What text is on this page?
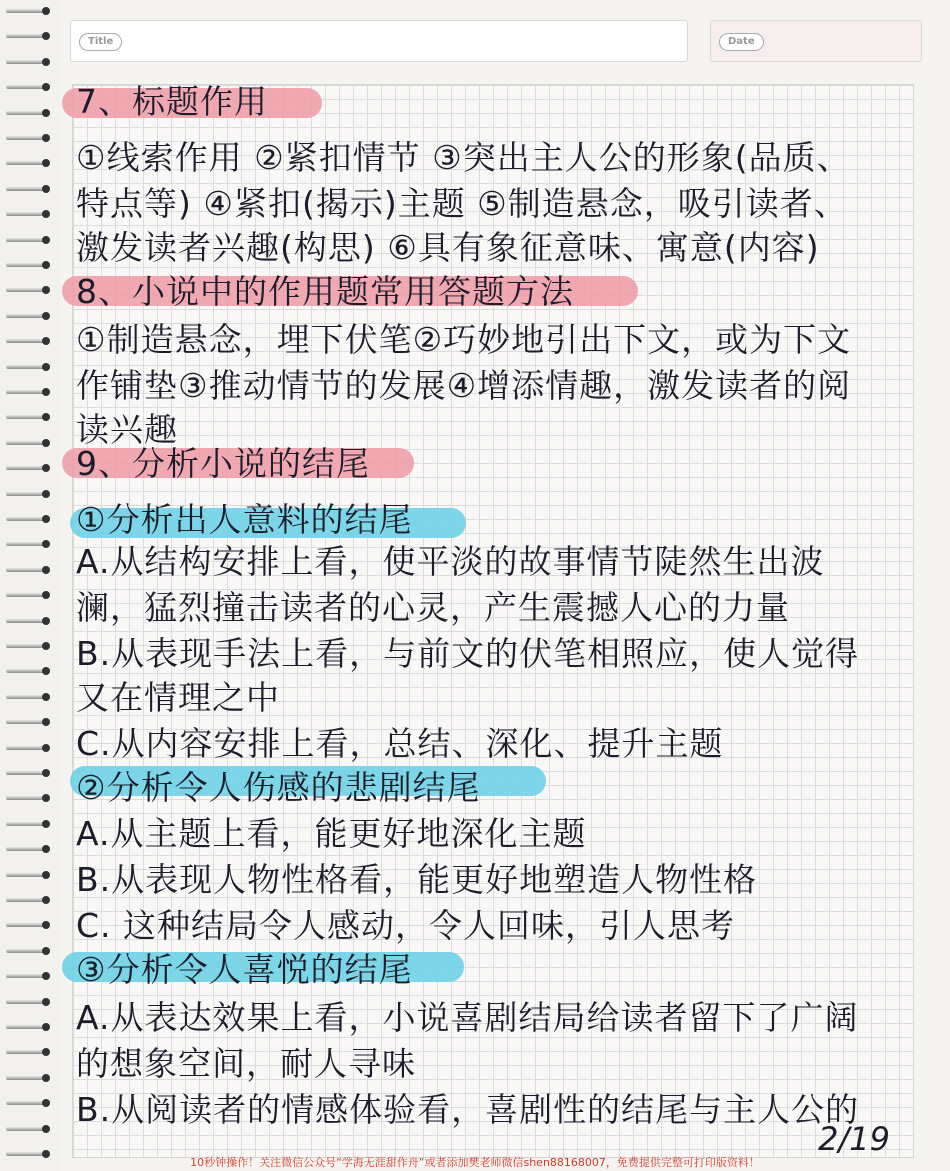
Title	Date
7、标题作用
①线索作用 ②紧扣情节 ③突出主人公的形象(品质、
特点等) ④紧扣(揭示)主题 ⑤制造悬念，吸引读者、
激发读者兴趣(构思) ⑥具有象征意味、寓意(内容)
8、小说中的作用题常用答题方法
①制造悬念，埋下伏笔②巧妙地引出下文，或为下文
作铺垫③推动情节的发展④增添情趣，激发读者的阅
读兴趣
9、分析小说的结尾
①分析出人意料的结尾
A.从结构安排上看，使平淡的故事情节陡然生出波
澜，猛烈撞击读者的心灵，产生震撼人心的力量
B.从表现手法上看，与前文的伏笔相照应，使人觉得
又在情理之中
C.从内容安排上看，总结、深化、提升主题
②分析令人伤感的悲剧结尾
A.从主题上看，能更好地深化主题
B.从表现人物性格看，能更好地塑造人物性格
C. 这种结局令人感动，令人回味，引人思考
③分析令人喜悦的结尾
A.从表达效果上看，小说喜剧结局给读者留下了广阔
的想象空间，耐人寻味
B.从阅读者的情感体验看，喜剧性的结尾与主人公的
2/19
10秒钟操作！关注微信公众号“学海无涯甜作舟”或者添加樊老师微信shen88168007，免费提供完整可打印版资料！
